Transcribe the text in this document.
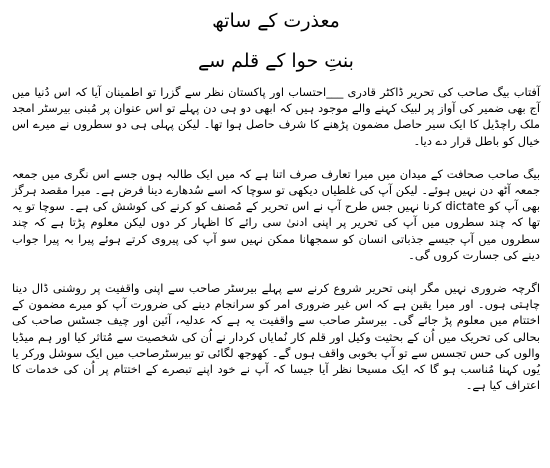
معذرت کے ساتھ
بنتِ حوا کے قلم سے

آفتاب بیگ صاحب کی تحریر ڈاکٹر قادری ___احتساب اور پاکستان نظر سے گزرا تو اطمینان آیا کہ اس دُنیا میں آج بھی ضمیر کی آواز پر لبیک کہنے والے موجود ہیں کہ ابھی دو ہی دن پہلے تو اس عنوان پر مُبنی بیرسٹر امجد ملک راچڈیل کا ایک سیر حاصل مضمون پڑھنے کا شرف حاصل ہوا تھا۔ لیکن پہلی ہی دو سطروں نے میرے اس خیال کو باطل قرار دے دیا۔

بیگ صاحب صحافت کے میدان میں میرا تعارف صرف اتنا ہے کہ میں ایک طالبہ ہوں جسے اس نگری میں جمعہ جمعہ آٹھ دن نہیں ہوئے۔ لیکن آپ کی غلطیاں دیکھی تو سوچا کہ اسے سُدھارے دینا فرض ہے۔ میرا مقصد ہرگز بھی آپ کو dictate کرنا نہیں جس طرح آپ نے اس تحریر کے مُصنف کو کرنے کی کوشش کی ہے۔ سوچا تو یہ تھا کہ چند سطروں میں آپ کی تحریر پر اپنی ادنیٰ سی رائے کا اظہار کر دوں لیکن معلوم پڑتا ہے کہ چند سطروں میں آپ جیسے جذباتی انسان کو سمجھانا ممکن نہیں سو آپ کی پیروی کرتے ہوئے پیرا بہ پیرا جواب دینے کی جسارت کروں گی۔

اگرچہ ضروری نہیں مگر اپنی تحریر شروع کرنے سے پہلے بیرسٹر صاحب سے اپنی واقفیت پر روشنی ڈال دینا چاہتی ہوں۔ اور میرا یقین ہے کہ اس غیر ضروری امر کو سرانجام دینے کی ضرورت آپ کو میرے مضمون کے اختتام میں معلوم پڑ جائے گی۔ بیرسٹر صاحب سے واقفیت یہ ہے کہ عدلیہ، آئین اور چیف جسٹس صاحب کی بحالی کی تحریک میں اُن کے بحثیت وکیل اور قلم کار نُمایاں کردار نے اُن کی شخصیت سے مُتاثر کیا اور ہم میڈیا والوں کی حس تجسس سے تو آپ بخوبی واقف ہوں گے۔ کھوجھ لگائی تو بیرسٹرصاحب میں ایک سوشل ورکر یا یُوں کہنا مُناسب ہو گا کہ ایک مسیحا نظر آیا جیسا کہ آپ نے خود اپنے تبصرے کے اختتام پر اُن کی خدمات کا اعتراف کیا ہے۔
